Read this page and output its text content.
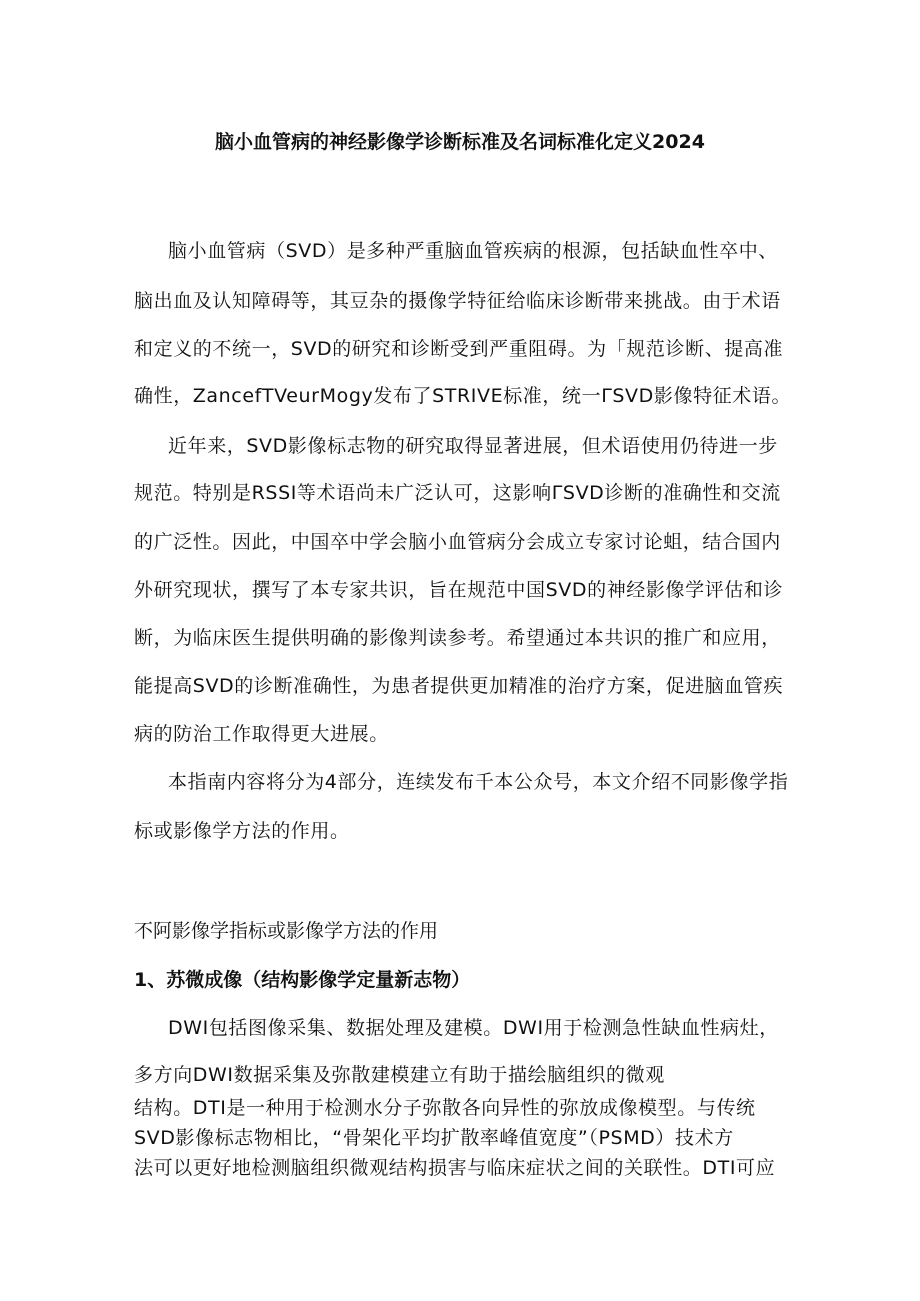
脑小血管病的神经影像学诊断标准及名词标准化定义2024
脑小血管病（SVD）是多种严重脑血管疾病的根源，包括缺血性卒中、
脑出血及认知障碍等，其豆杂的摄像学特征给临床诊断带来挑战。由于术语
和定义的不统一，SVD的研究和诊断受到严重阻碍。为「规范诊断、提高准
确性，ZancefTVeurMogy发布了STRIVE标准，统一ΓSVD影像特征术语。
近年来，SVD影像标志物的研究取得显著进展，但术语使用仍待进一步
规范。特别是RSSI等术语尚未广泛认可，这影响ΓSVD诊断的准确性和交流
的广泛性。因此，中国卒中学会脑小血管病分会成立专家讨论蛆，结合国内
外研究现状，撰写了本专家共识，旨在规范中国SVD的神经影像学评估和诊
断，为临床医生提供明确的影像判读参考。希望通过本共识的推广和应用，
能提高SVD的诊断准确性，为患者提供更加精准的治疗方案，促进脑血管疾
病的防治工作取得更大进展。
本指南内容将分为4部分，连续发布千本公众号，本文介绍不同影像学指
标或影像学方法的作用。
不阿影像学指标或影像学方法的作用
1、苏微成像（结构影像学定量新志物）
DWI包括图像采集、数据处理及建模。DWI用于检测急性缺血性病灶，
多方向DWI数据采集及弥散建模建立有助于描绘脑组织的微观
结构。DTI是一种用于检测水分子弥散各向异性的弥放成像模型。与传统
SVD影像标志物相比，“骨架化平均扩散率峰值宽度”（PSMD）技术方
法可以更好地检测脑组织微观结构损害与临床症状之间的关联性。DTI可应
